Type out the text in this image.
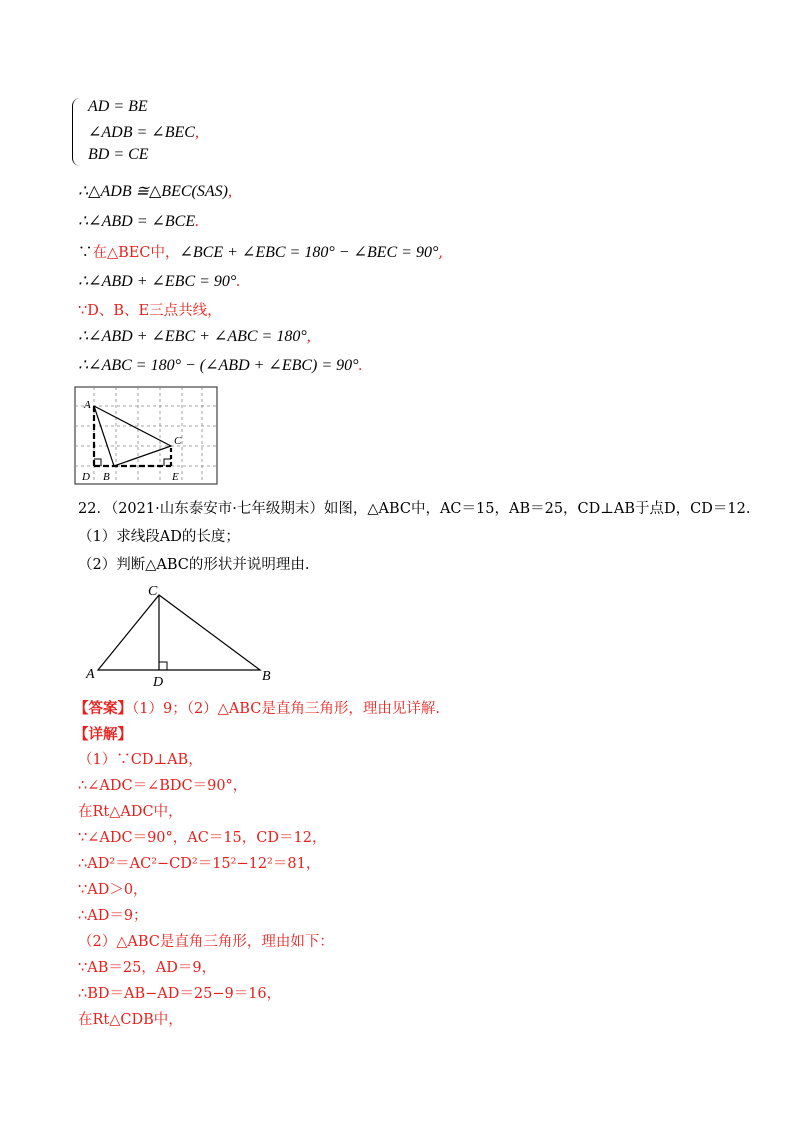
AD = BE
∠ADB = ∠BEC,
BD = CE
∴△ADB ≅△BEC(SAS),
∴∠ABD = ∠BCE.
∵在△BEC中，∠BCE + ∠EBC = 180° − ∠BEC = 90°,
∴∠ABD + ∠EBC = 90°.
∵D、B、E三点共线，
∴∠ABD + ∠EBC + ∠ABC = 180°,
∴∠ABC = 180° − (∠ABD + ∠EBC) = 90°.
A
C
D B	E
22．（2021·山东泰安市·七年级期末）如图，△ABC中，AC＝15，AB＝25，CD⊥AB于点D，CD＝12.
（1）求线段AD的长度；
（2）判断△ABC的形状并说明理由.
C
A
D	B
【答案】（1）9；（2）△ABC是直角三角形，理由见详解.
【详解】
（1）∵CD⊥AB，
∴∠ADC＝∠BDC＝90°，
在Rt△ADC中，
∵∠ADC＝90°，AC＝15，CD＝12，
∴AD²＝AC²−CD²＝15²−12²＝81，
∵AD＞0，
∴AD＝9；
（2）△ABC是直角三角形，理由如下：
∵AB＝25，AD＝9，
∴BD＝AB−AD＝25−9＝16，
在Rt△CDB中，
